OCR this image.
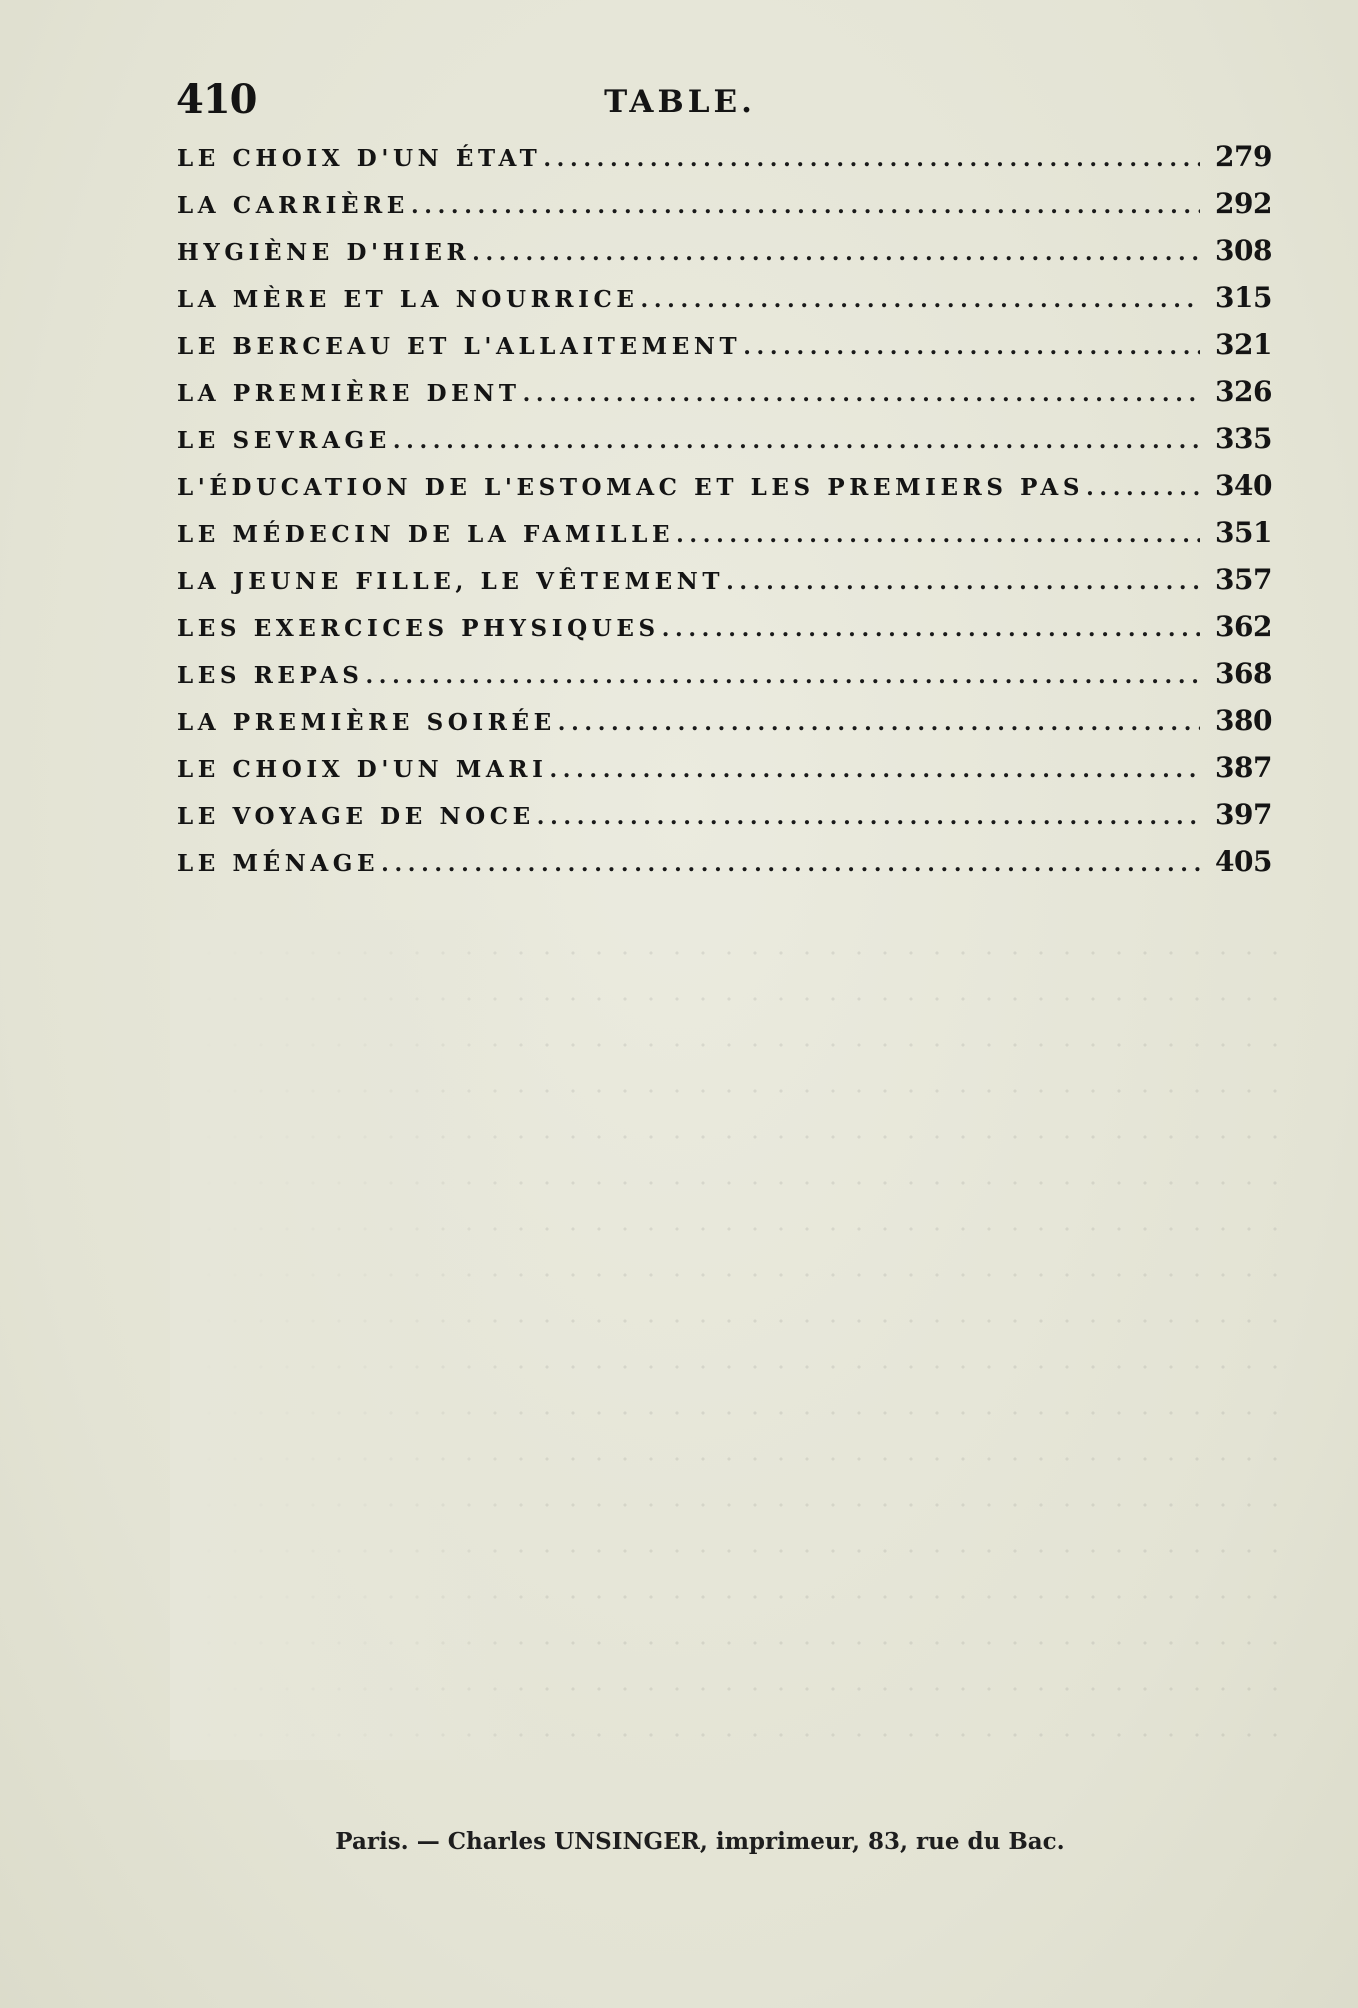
410	TABLE.
LE CHOIX D'UN ÉTAT . . .	279
LA CARRIÈRE . . .	292
HYGIÈNE D'HIER . . .	308
LA MÈRE ET LA NOURRICE . . .	315
LE BERCEAU ET L'ALLAITEMENT . . .	321
LA PREMIÈRE DENT . . .	326
LE SEVRAGE . . .	335
L'ÉDUCATION DE L'ESTOMAC ET LES PREMIERS PAS . . .	340
LE MÉDECIN DE LA FAMILLE . . .	351
LA JEUNE FILLE, LE VÊTEMENT . . .	357
LES EXERCICES PHYSIQUES . . .	362
LES REPAS . . .	368
LA PREMIÈRE SOIRÉE . . .	380
LE CHOIX D'UN MARI . . .	387
LE VOYAGE DE NOCE . . .	397
LE MÉNAGE . . .	405
Paris. — Charles UNSINGER, imprimeur, 83, rue du Bac.
